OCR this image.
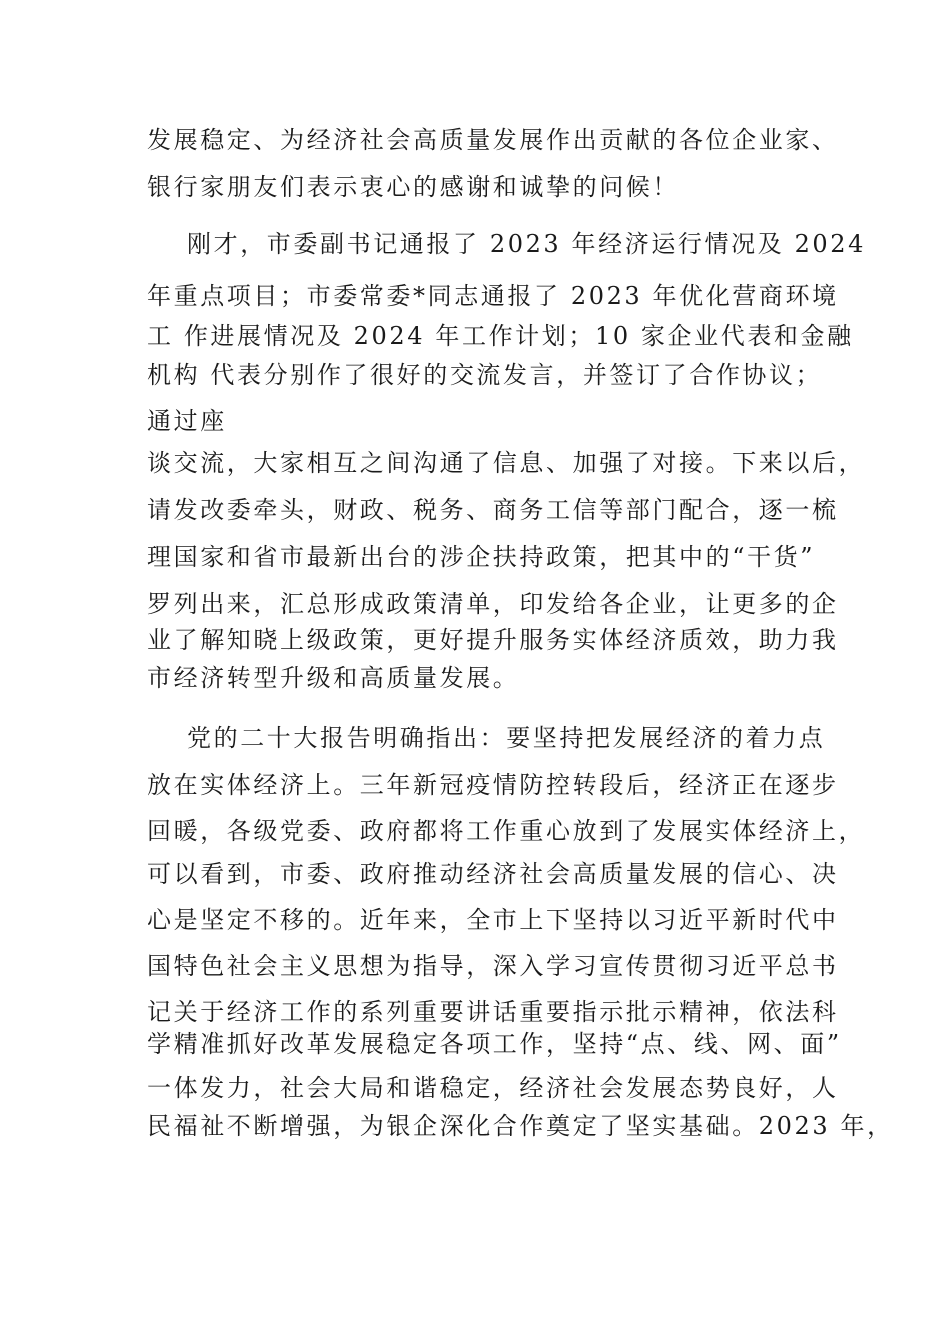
发展稳定、为经济社会高质量发展作出贡献的各位企业家、
银行家朋友们表示衷心的感谢和诚挚的问候！
刚才，市委副书记通报了 2023 年经济运行情况及 2024
年重点项目；市委常委*同志通报了 2023 年优化营商环境
工 作进展情况及 2024 年工作计划；10 家企业代表和金融
机构 代表分别作了很好的交流发言，并签订了合作协议；
通过座
谈交流，大家相互之间沟通了信息、加强了对接。下来以后，
请发改委牵头，财政、税务、商务工信等部门配合，逐一梳
理国家和省市最新出台的涉企扶持政策，把其中的“干货”
罗列出来，汇总形成政策清单，印发给各企业，让更多的企
业了解知晓上级政策，更好提升服务实体经济质效，助力我
市经济转型升级和高质量发展。
党的二十大报告明确指出：要坚持把发展经济的着力点
放在实体经济上。三年新冠疫情防控转段后，经济正在逐步
回暖，各级党委、政府都将工作重心放到了发展实体经济上，
可以看到，市委、政府推动经济社会高质量发展的信心、决
心是坚定不移的。近年来，全市上下坚持以习近平新时代中
国特色社会主义思想为指导，深入学习宣传贯彻习近平总书
记关于经济工作的系列重要讲话重要指示批示精神，依法科
学精准抓好改革发展稳定各项工作，坚持“点、线、网、面”
一体发力，社会大局和谐稳定，经济社会发展态势良好，人
民福祉不断增强，为银企深化合作奠定了坚实基础。2023 年，
